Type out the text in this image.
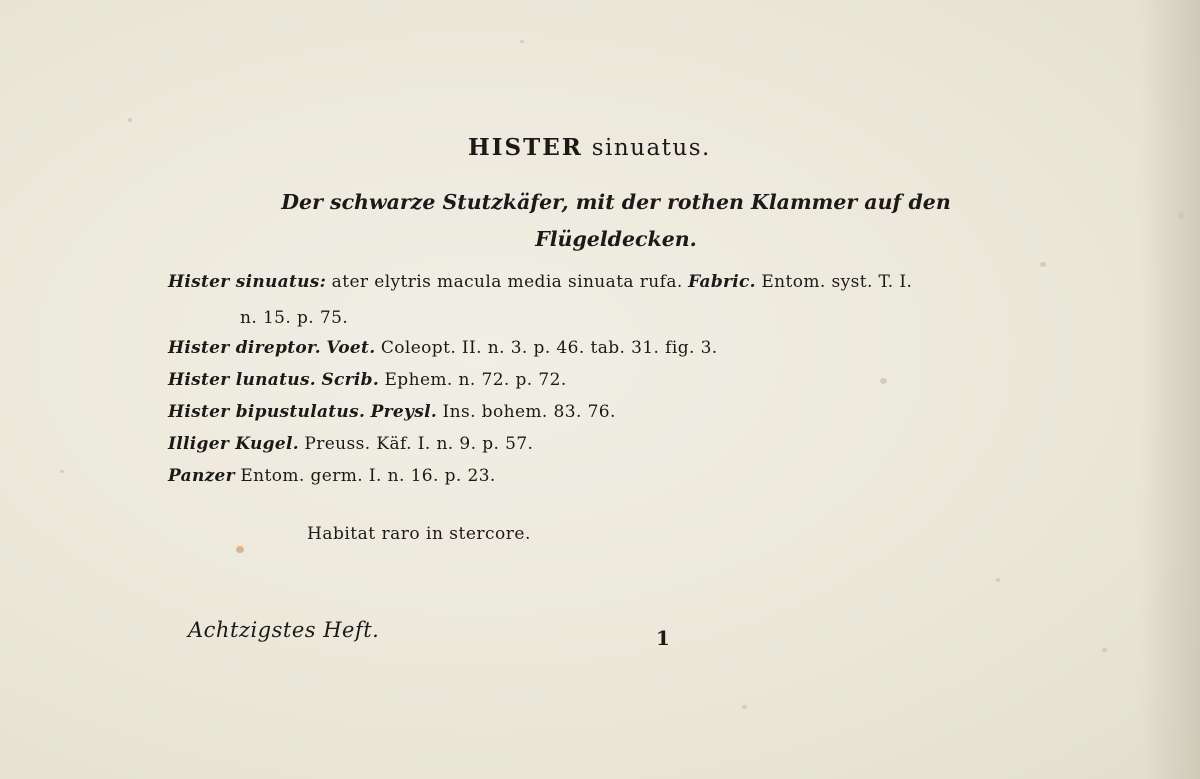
HISTER sinuatus.
Der schwarze Stutzkäfer, mit der rothen Klammer auf den
Flügeldecken.
Hister sinuatus: ater elytris macula media sinuata rufa. Fabric. Entom. syst. T. I.
n. 15. p. 75.
Hister direptor. Voet. Coleopt. II. n. 3. p. 46. tab. 31. fig. 3.
Hister lunatus. Scrib. Ephem. n. 72. p. 72.
Hister bipustulatus. Preysl. Ins. bohem. 83. 76.
Illiger Kugel. Preuss. Käf. I. n. 9. p. 57.
Panzer Entom. germ. I. n. 16. p. 23.
Habitat raro in stercore.
Achtzigstes Heft.	1
